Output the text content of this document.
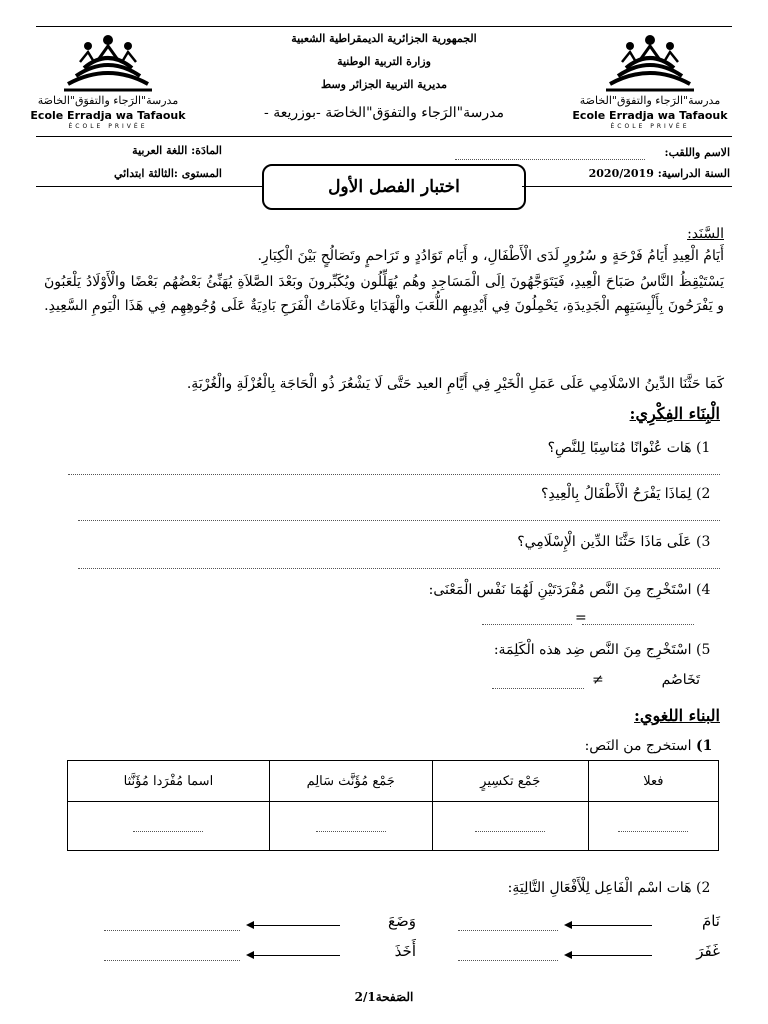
مدرسة"الرَجاء والتفوَق"الخاصَة
Ecole Erradja wa Tafaouk
ÉCOLE PRIVÉE
مدرسة"الرَجاء والتفوَق"الخاصَة
Ecole Erradja wa Tafaouk
ÉCOLE PRIVÉE
الجمهورية الجزائرية الديمقراطية الشعبية
وزارة التربية الوطنية
مديرية التربية الجزائر وسط
مدرسة"الرَجاء والتفوَق"الخاصَة -بوزريعة -
المادَة: اللغة العربية
المستوى :الثالثة ابتدائي
الاسم واللقب:
السنة الدراسية: 2020/2019
اختبار الفصل الأول
السَّنَد:
أَيَامُ الْعِيدِ أَيَامُ فَرْحَةٍ و سُرُورٍ لَدَى الْأَطْفَالِ، و أَيَام تَوَادُدٍ و تَرَاحمٍ وتَصَالُحٍ بَيْنَ الْكِبَارِ.
يَسْتَيْقِظُ النَّاسُ صَبَاحَ الْعِيدِ، فَيَتَوَجَّهُونَ اِلَى الْمَسَاجِدِ وهُم يُهَلِّلُون ويُكَبِّرونَ وبَعْدَ الصَّلاَةِ يُهَنِّئُ بَعْضُهُم بَعْضًا والْأَوْلَادُ يَلْعَبُونَ و يَفْرَحُونَ بِأَلْبِسَتِهِم الْجَدِيدَةِ، يَحْمِلُونَ فِي أَيْدِيهِم اللُّعَبَ والْهَدَايَا وعَلَامَاتُ الْفَرَحِ بَادِيَةٌ عَلَى وُجُوهِهِم فِي هَذَا الْيَومِ السَّعِيدِ.
كَمَا حَثَّنَا الدِّينُ الاسْلَامِي عَلَى عَمَلِ الْخَيْرِ فِي أَيَّامِ العيد حَتَّى لَا يَشْعُرَ ذُو الْحَاجَة بِالْعُزْلَةِ والْغُرْبَةِ.
الْبِنَاء الفِكْرِي:
1) هَات عُنْوانًا مُنَاسِبًا لِلنَّصِ؟
2) لِمَاذَا يَفْرَحُ الْأَطْفَالُ بِالْعِيدِ؟
3) عَلَى مَاذَا حَثَّنَا الدِّين الْإِسْلَامِي؟
4) اسْتَخْرِج مِنَ النَّص مُفْرَدَتَيْنِ لَهُمَا نَفْس الْمَعْنَى:
=
5) اسْتَخْرِج مِنَ النَّص ضِد هذه الْكَلِمَة:
تَخَاصُم
≠
البناء اللغوي:
1) استخرج من النَص:
فعلا	جَمْع تكسِيرٍ	جَمْع مُؤَنَّث سَالِم	اسما مُفْرَدا مُؤَنَّثا

2) هَات اسْم الْفَاعِل لِلْأَفْعَالِ التَّالِيَةِ:
نَامَ
وَضَعَ
غَفَرَ
أَخَذَ
الصَفحة2/1
